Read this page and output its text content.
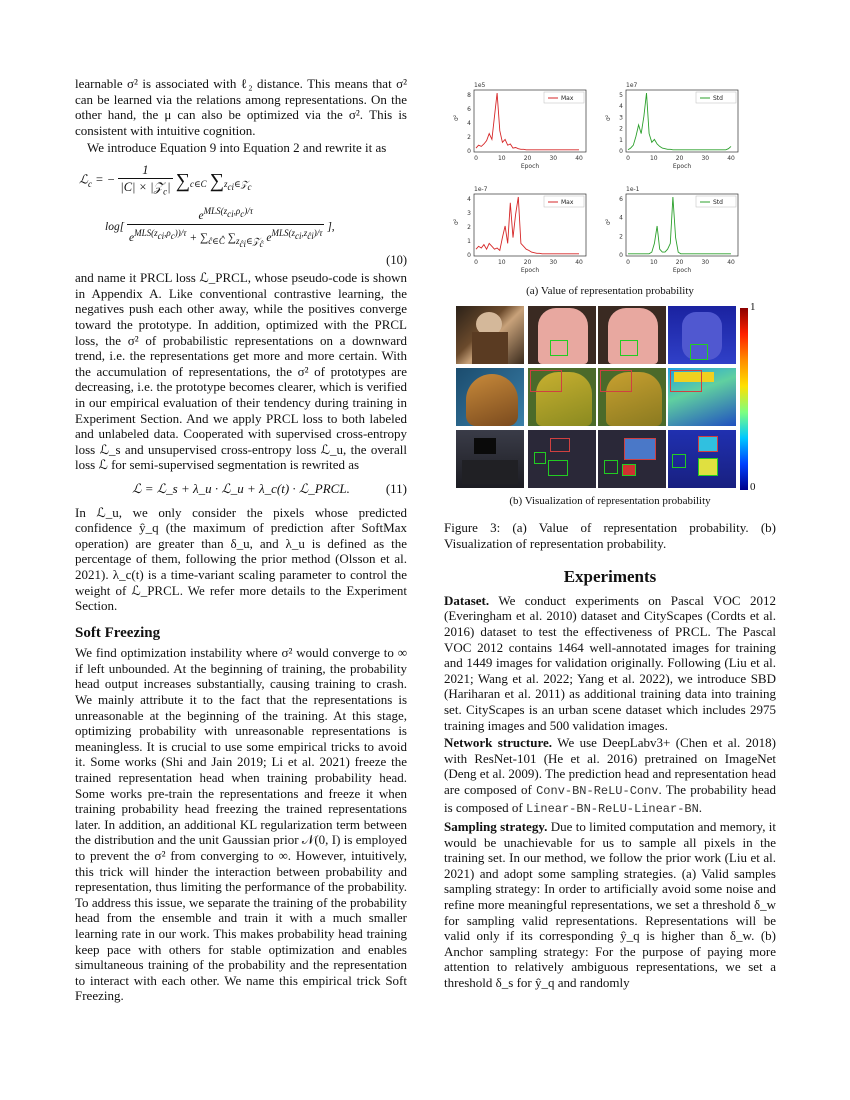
learnable σ² is associated with ℓ₂ distance. This means that σ² can be learned via the relations among representations. On the other hand, the μ can also be optimized via the σ². This is consistent with intuitive cognition.

We introduce Equation 9 into Equation 2 and rewrite it as

ℒ$_c$ = − $\frac{1}{|C| \times |𝒵_c|} \sum_{c\in C}$ $\sum_{z_{ci}\in 𝒵_c}$
$\log[ \frac{e^{MLS(z_{ci},\rho_c)/\tau}}{e^{MLS(z_{ci},\rho_c))/\tau} + \sum_{ĉ\in Ĉ} \sum_{z_{ĉi}\in 𝒵_ĉ} e^{MLS(z_{ci},z_{ĉi})/\tau}}$ ],
(10)

and name it PRCL loss ℒ_PRCL, whose pseudo-code is shown in Appendix A. Like conventional contrastive learning, the negatives push each other away, while the positives converge toward the prototype. In addition, optimized with the PRCL loss, the σ² of probabilistic representations on a downward trend, i.e. the representations get more and more certain. With the accumulation of representations, the σ² of prototypes are decreasing, i.e. the prototype becomes clearer, which is verified in our empirical evaluation of their tendency during training in Experiment Section. And we apply PRCL loss to both labeled and unlabeled data. Cooperated with supervised cross-entropy loss ℒ_s and unsupervised cross-entropy loss ℒ_u, the overall loss ℒ for semi-supervised segmentation is rewrited as

ℒ = ℒ_s + λ_u · ℒ_u + λ_c(t) · ℒ_PRCL.	(11)

In ℒ_u, we only consider the pixels whose predicted confidence ŷ_q (the maximum of prediction after SoftMax operation) are greater than δ_u, and λ_u is defined as the percentage of them, following the prior method (Olsson et al. 2021). λ_c(t) is a time-variant scaling parameter to control the weight of ℒ_PRCL. We refer more details to the Experiment Section.

Soft Freezing

We find optimization instability where σ² would converge to ∞ if left unbounded. At the beginning of training, the probability head output increases substantially, causing training to crash. We mainly attribute it to the fact that the representations is unreasonable at the beginning of the training. At this stage, optimizing probability with unreasonable representations is meaningless. It is crucial to use some empirical tricks to avoid it. Some works (Shi and Jain 2019; Li et al. 2021) freeze the trained representation head when training probability head. Some works pre-train the representations and freeze it when training probability head freezing the trained representations later. In addition, an additional KL regularization term between the distribution and the unit Gaussian prior 𝒩(0, I) is employed to prevent the σ² from converging to ∞. However, intuitively, this trick will hinder the interaction between probability and representation, thus limiting the performance of the probability. To address this issue, we separate the training of the probability head from the ensemble and train it with a much smaller learning rate in our work. This makes probability head training keep pace with others for stable optimization and enables simultaneous training of the probability and the representation to interact with each other. We name this empirical trick Soft Freezing.

1e5
Max
0
2
4
6
8
σ²
0	10	20	30	40
Epoch
1e7
Std
0
1
2
3
4
5
σ²
0	10	20	30	40
Epoch
1e-7
Max
0
1
2
3
4
σ²
0	10	20	30	40
Epoch
1e-1
Std
0
2
4
6
σ²
0	10	20	30	40
Epoch
(a) Value of representation probability
1
0
(b) Visualization of representation probability
Figure 3: (a) Value of representation probability. (b) Visualization of representation probability.
Experiments

Dataset. We conduct experiments on Pascal VOC 2012 (Everingham et al. 2010) dataset and CityScapes (Cordts et al. 2016) dataset to test the effectiveness of PRCL. The Pascal VOC 2012 contains 1464 well-annotated images for training and 1449 images for validation originally. Following (Liu et al. 2021; Wang et al. 2022; Yang et al. 2022), we introduce SBD (Hariharan et al. 2011) as additional training data into training set. CityScapes is an urban scene dataset which includes 2975 training images and 500 validation images.

Network structure. We use DeepLabv3+ (Chen et al. 2018) with ResNet-101 (He et al. 2016) pretrained on ImageNet (Deng et al. 2009). The prediction head and representation head are composed of Conv-BN-ReLU-Conv. The probability head is composed of Linear-BN-ReLU-Linear-BN.

Sampling strategy. Due to limited computation and memory, it would be unachievable for us to sample all pixels in the training set. In our method, we follow the prior work (Liu et al. 2021) and adopt some sampling strategies. (a) Valid samples sampling strategy: In order to artificially avoid some noise and refine more meaningful representations, we set a threshold δ_w for sampling valid representations. Representations will be valid only if its corresponding ŷ_q is higher than δ_w. (b) Anchor sampling strategy: For the purpose of paying more attention to relatively ambiguous representations, we set a threshold δ_s for ŷ_q and randomly
